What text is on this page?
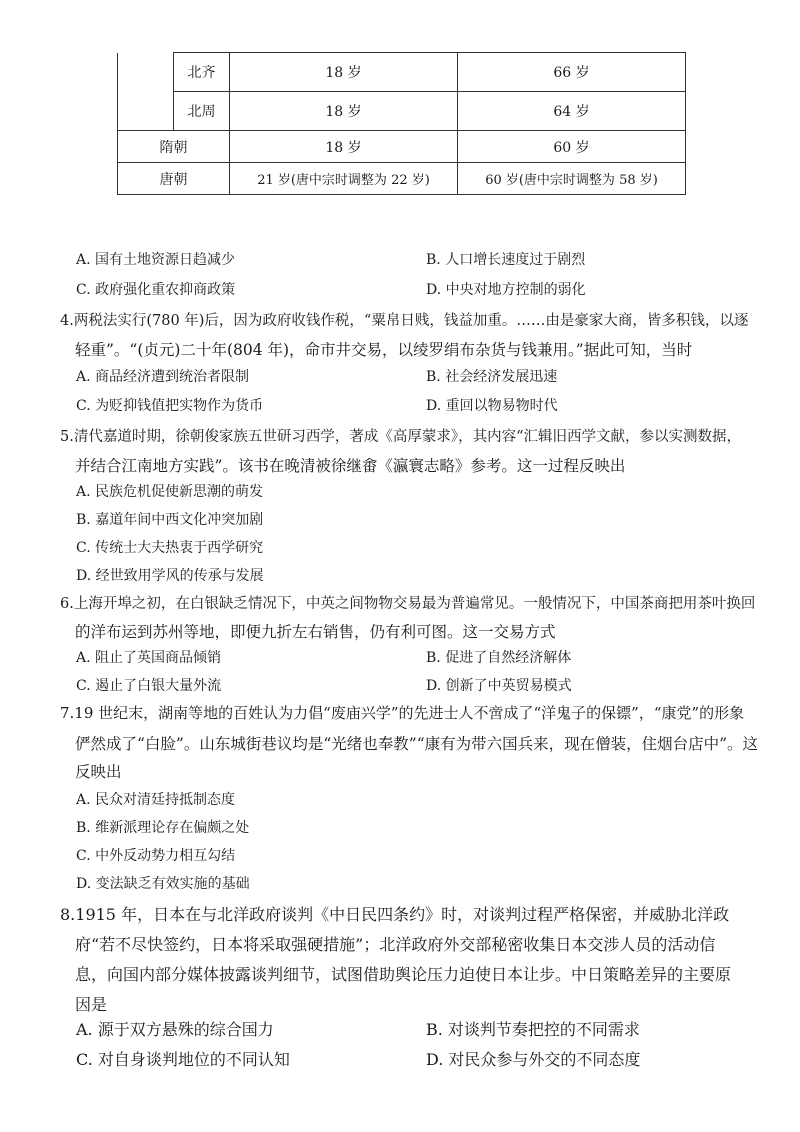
	北齐	18 岁	66 岁
	北周	18 岁	64 岁
隋朝		18 岁	60 岁
唐朝		21 岁(唐中宗时调整为 22 岁)	60 岁(唐中宗时调整为 58 岁)
A. 国有土地资源日趋减少	B. 人口增长速度过于剧烈
C. 政府强化重农抑商政策	D. 中央对地方控制的弱化
4.两税法实行(780 年)后，因为政府收钱作税，“粟帛日贱，钱益加重。……由是豪家大商，皆多积钱，以逐
轻重”。“(贞元)二十年(804 年)，命市井交易，以绫罗绢布杂货与钱兼用。”据此可知，当时
A. 商品经济遭到统治者限制	B. 社会经济发展迅速
C. 为贬抑钱值把实物作为货币	D. 重回以物易物时代
5.清代嘉道时期，徐朝俊家族五世研习西学，著成《高厚蒙求》，其内容“汇辑旧西学文献，参以实测数据，
并结合江南地方实践”。该书在晚清被徐继畬《瀛寰志略》参考。这一过程反映出
A. 民族危机促使新思潮的萌发
B. 嘉道年间中西文化冲突加剧
C. 传统士大夫热衷于西学研究
D. 经世致用学风的传承与发展
6.上海开埠之初，在白银缺乏情况下，中英之间物物交易最为普遍常见。一般情况下，中国茶商把用茶叶换回
的洋布运到苏州等地，即便九折左右销售，仍有利可图。这一交易方式
A. 阻止了英国商品倾销	B. 促进了自然经济解体
C. 遏止了白银大量外流	D. 创新了中英贸易模式
7.19 世纪末，湖南等地的百姓认为力倡“废庙兴学”的先进士人不啻成了“洋鬼子的保镖”，“康党”的形象
俨然成了“白脸”。山东城街巷议均是“光绪也奉教”“康有为带六国兵来，现在僧装，住烟台店中”。这
反映出
A. 民众对清廷持抵制态度
B. 维新派理论存在偏颇之处
C. 中外反动势力相互勾结
D. 变法缺乏有效实施的基础
8.1915 年，日本在与北洋政府谈判《中日民四条约》时，对谈判过程严格保密，并威胁北洋政
府“若不尽快签约，日本将采取强硬措施”；北洋政府外交部秘密收集日本交涉人员的活动信
息，向国内部分媒体披露谈判细节，试图借助舆论压力迫使日本让步。中日策略差异的主要原
因是
A. 源于双方悬殊的综合国力	B. 对谈判节奏把控的不同需求
C. 对自身谈判地位的不同认知	D. 对民众参与外交的不同态度
